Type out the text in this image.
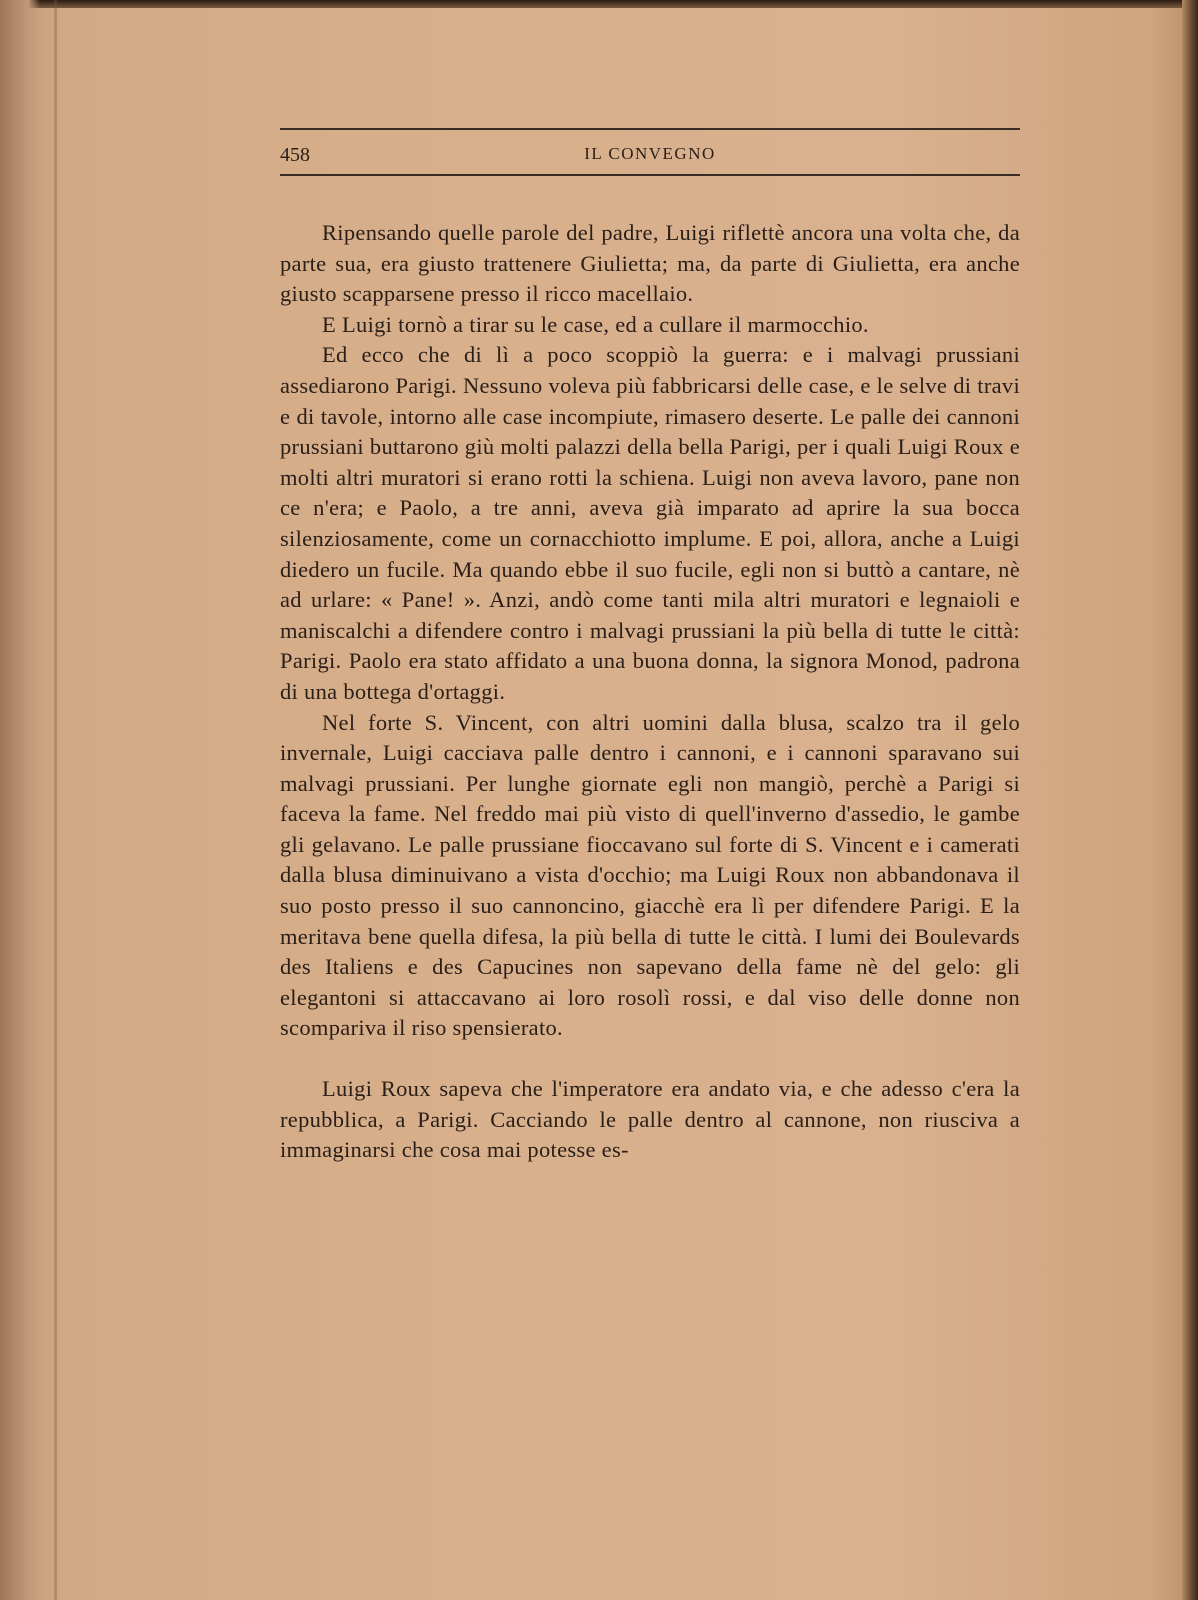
458	IL CONVEGNO

Ripensando quelle parole del padre, Luigi riflettè ancora una volta che, da parte sua, era giusto trattenere Giulietta; ma, da parte di Giulietta, era anche giusto scapparsene presso il ricco macellaio.

E Luigi tornò a tirar su le case, ed a cullare il marmocchio.

Ed ecco che di lì a poco scoppiò la guerra: e i malvagi prussiani assediarono Parigi. Nessuno voleva più fabbricarsi delle case, e le selve di travi e di tavole, intorno alle case incompiute, rimasero deserte. Le palle dei cannoni prussiani buttarono giù molti palazzi della bella Parigi, per i quali Luigi Roux e molti altri muratori si erano rotti la schiena. Luigi non aveva lavoro, pane non ce n'era; e Paolo, a tre anni, aveva già imparato ad aprire la sua bocca silenziosamente, come un cornacchiotto implume. E poi, allora, anche a Luigi diedero un fucile. Ma quando ebbe il suo fucile, egli non si buttò a cantare, nè ad urlare: « Pane! ». Anzi, andò come tanti mila altri muratori e legnaioli e maniscalchi a difendere contro i malvagi prussiani la più bella di tutte le città: Parigi. Paolo era stato affidato a una buona donna, la signora Monod, padrona di una bottega d'ortaggi.

Nel forte S. Vincent, con altri uomini dalla blusa, scalzo tra il gelo invernale, Luigi cacciava palle dentro i cannoni, e i cannoni sparavano sui malvagi prussiani. Per lunghe giornate egli non mangiò, perchè a Parigi si faceva la fame. Nel freddo mai più visto di quell'inverno d'assedio, le gambe gli gelavano. Le palle prussiane fioccavano sul forte di S. Vincent e i camerati dalla blusa diminuivano a vista d'occhio; ma Luigi Roux non abbandonava il suo posto presso il suo cannoncino, giacchè era lì per difendere Parigi. E la meritava bene quella difesa, la più bella di tutte le città. I lumi dei Boulevards des Italiens e des Capucines non sapevano della fame nè del gelo: gli elegantoni si attaccavano ai loro rosolì rossi, e dal viso delle donne non scompariva il riso spensierato.

Luigi Roux sapeva che l'imperatore era andato via, e che adesso c'era la repubblica, a Parigi. Cacciando le palle dentro al cannone, non riusciva a immaginarsi che cosa mai potesse es-
